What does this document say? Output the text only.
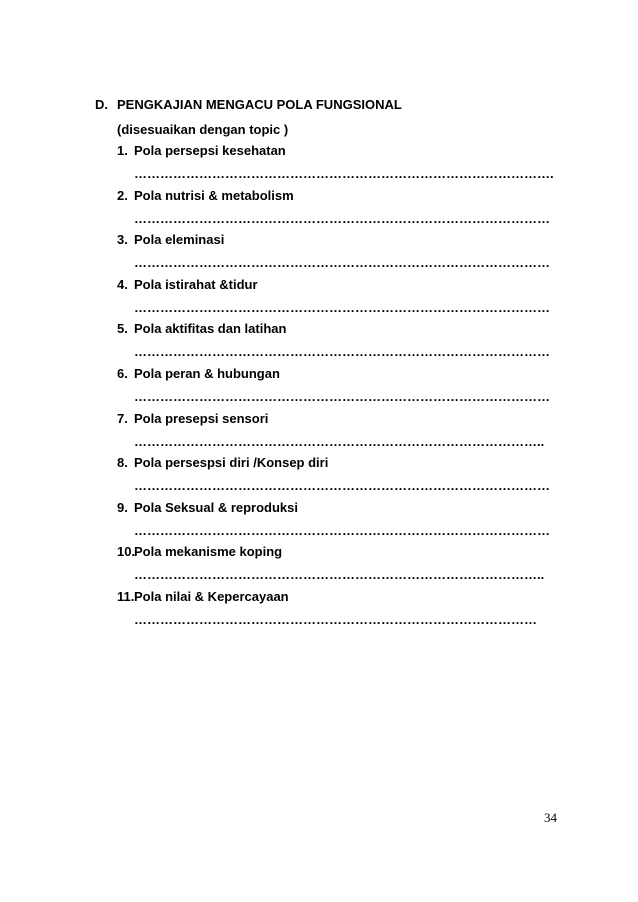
D. PENGKAJIAN MENGACU POLA FUNGSIONAL
(disesuaikan dengan topic )
1. Pola persepsi kesehatan
…………………………………………………………………………………….
2. Pola nutrisi & metabolism
……………………………………………………………………………………
3. Pola eleminasi
……………………………………………………………………………………
4. Pola istirahat &tidur
……………………………………………………………………………………
5. Pola aktifitas dan latihan
……………………………………………………………………………………
6. Pola peran & hubungan
……………………………………………………………………………………
7. Pola presepsi sensori
…………………………………………………………………………………..
8. Pola persespsi diri /Konsep diri
……………………………………………………………………………………
9. Pola Seksual & reproduksi
……………………………………………………………………………………
10.
Pola mekanisme koping
…………………………………………………………………………………..
11. Pola nilai & Kepercayaan
…………………………………………………………………………………
34
